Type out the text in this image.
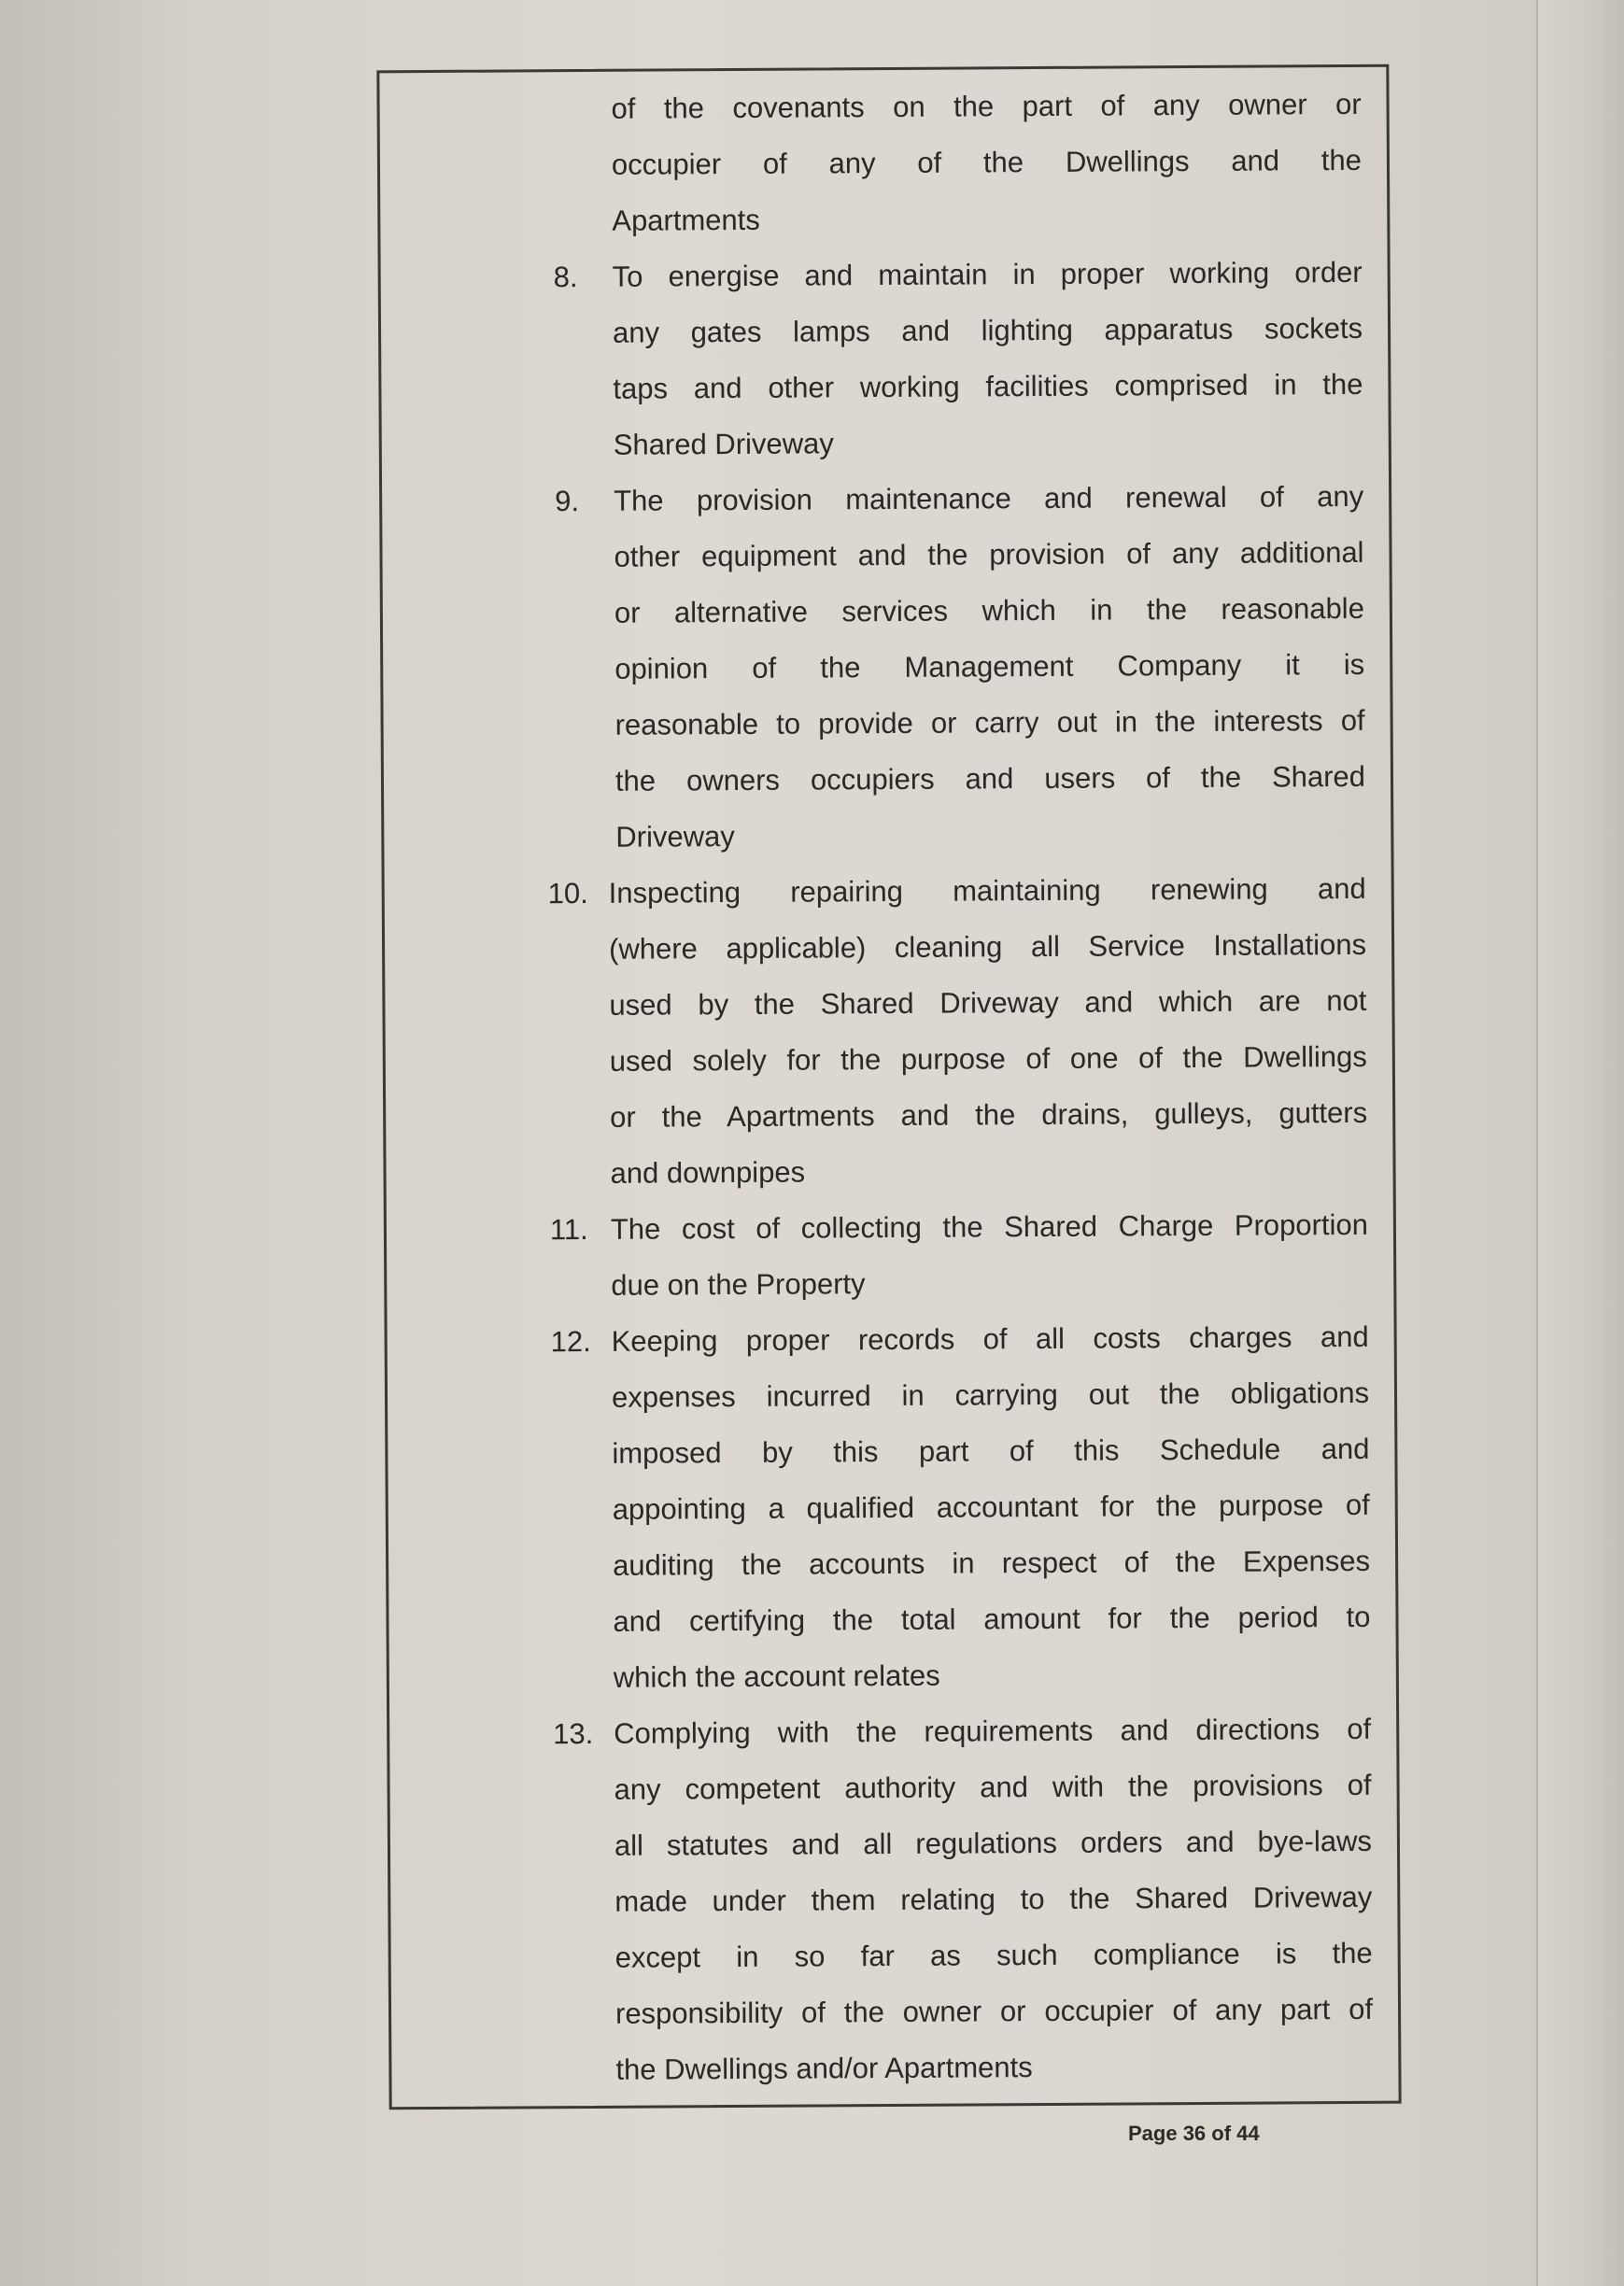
of the covenants on the part of any owner or
occupier of any of the Dwellings and the
Apartments
8. To energise and maintain in proper working order
any gates lamps and lighting apparatus sockets
taps and other working facilities comprised in the
Shared Driveway
9. The provision maintenance and renewal of any
other equipment and the provision of any additional
or alternative services which in the reasonable
opinion of the Management Company it is
reasonable to provide or carry out in the interests of
the owners occupiers and users of the Shared
Driveway
10. Inspecting repairing maintaining renewing and
(where applicable) cleaning all Service Installations
used by the Shared Driveway and which are not
used solely for the purpose of one of the Dwellings
or the Apartments and the drains, gulleys, gutters
and downpipes
11. The cost of collecting the Shared Charge Proportion
due on the Property
12. Keeping proper records of all costs charges and
expenses incurred in carrying out the obligations
imposed by this part of this Schedule and
appointing a qualified accountant for the purpose of
auditing the accounts in respect of the Expenses
and certifying the total amount for the period to
which the account relates
13. Complying with the requirements and directions of
any competent authority and with the provisions of
all statutes and all regulations orders and bye-laws
made under them relating to the Shared Driveway
except in so far as such compliance is the
responsibility of the owner or occupier of any part of
the Dwellings and/or Apartments
Page 36 of 44
